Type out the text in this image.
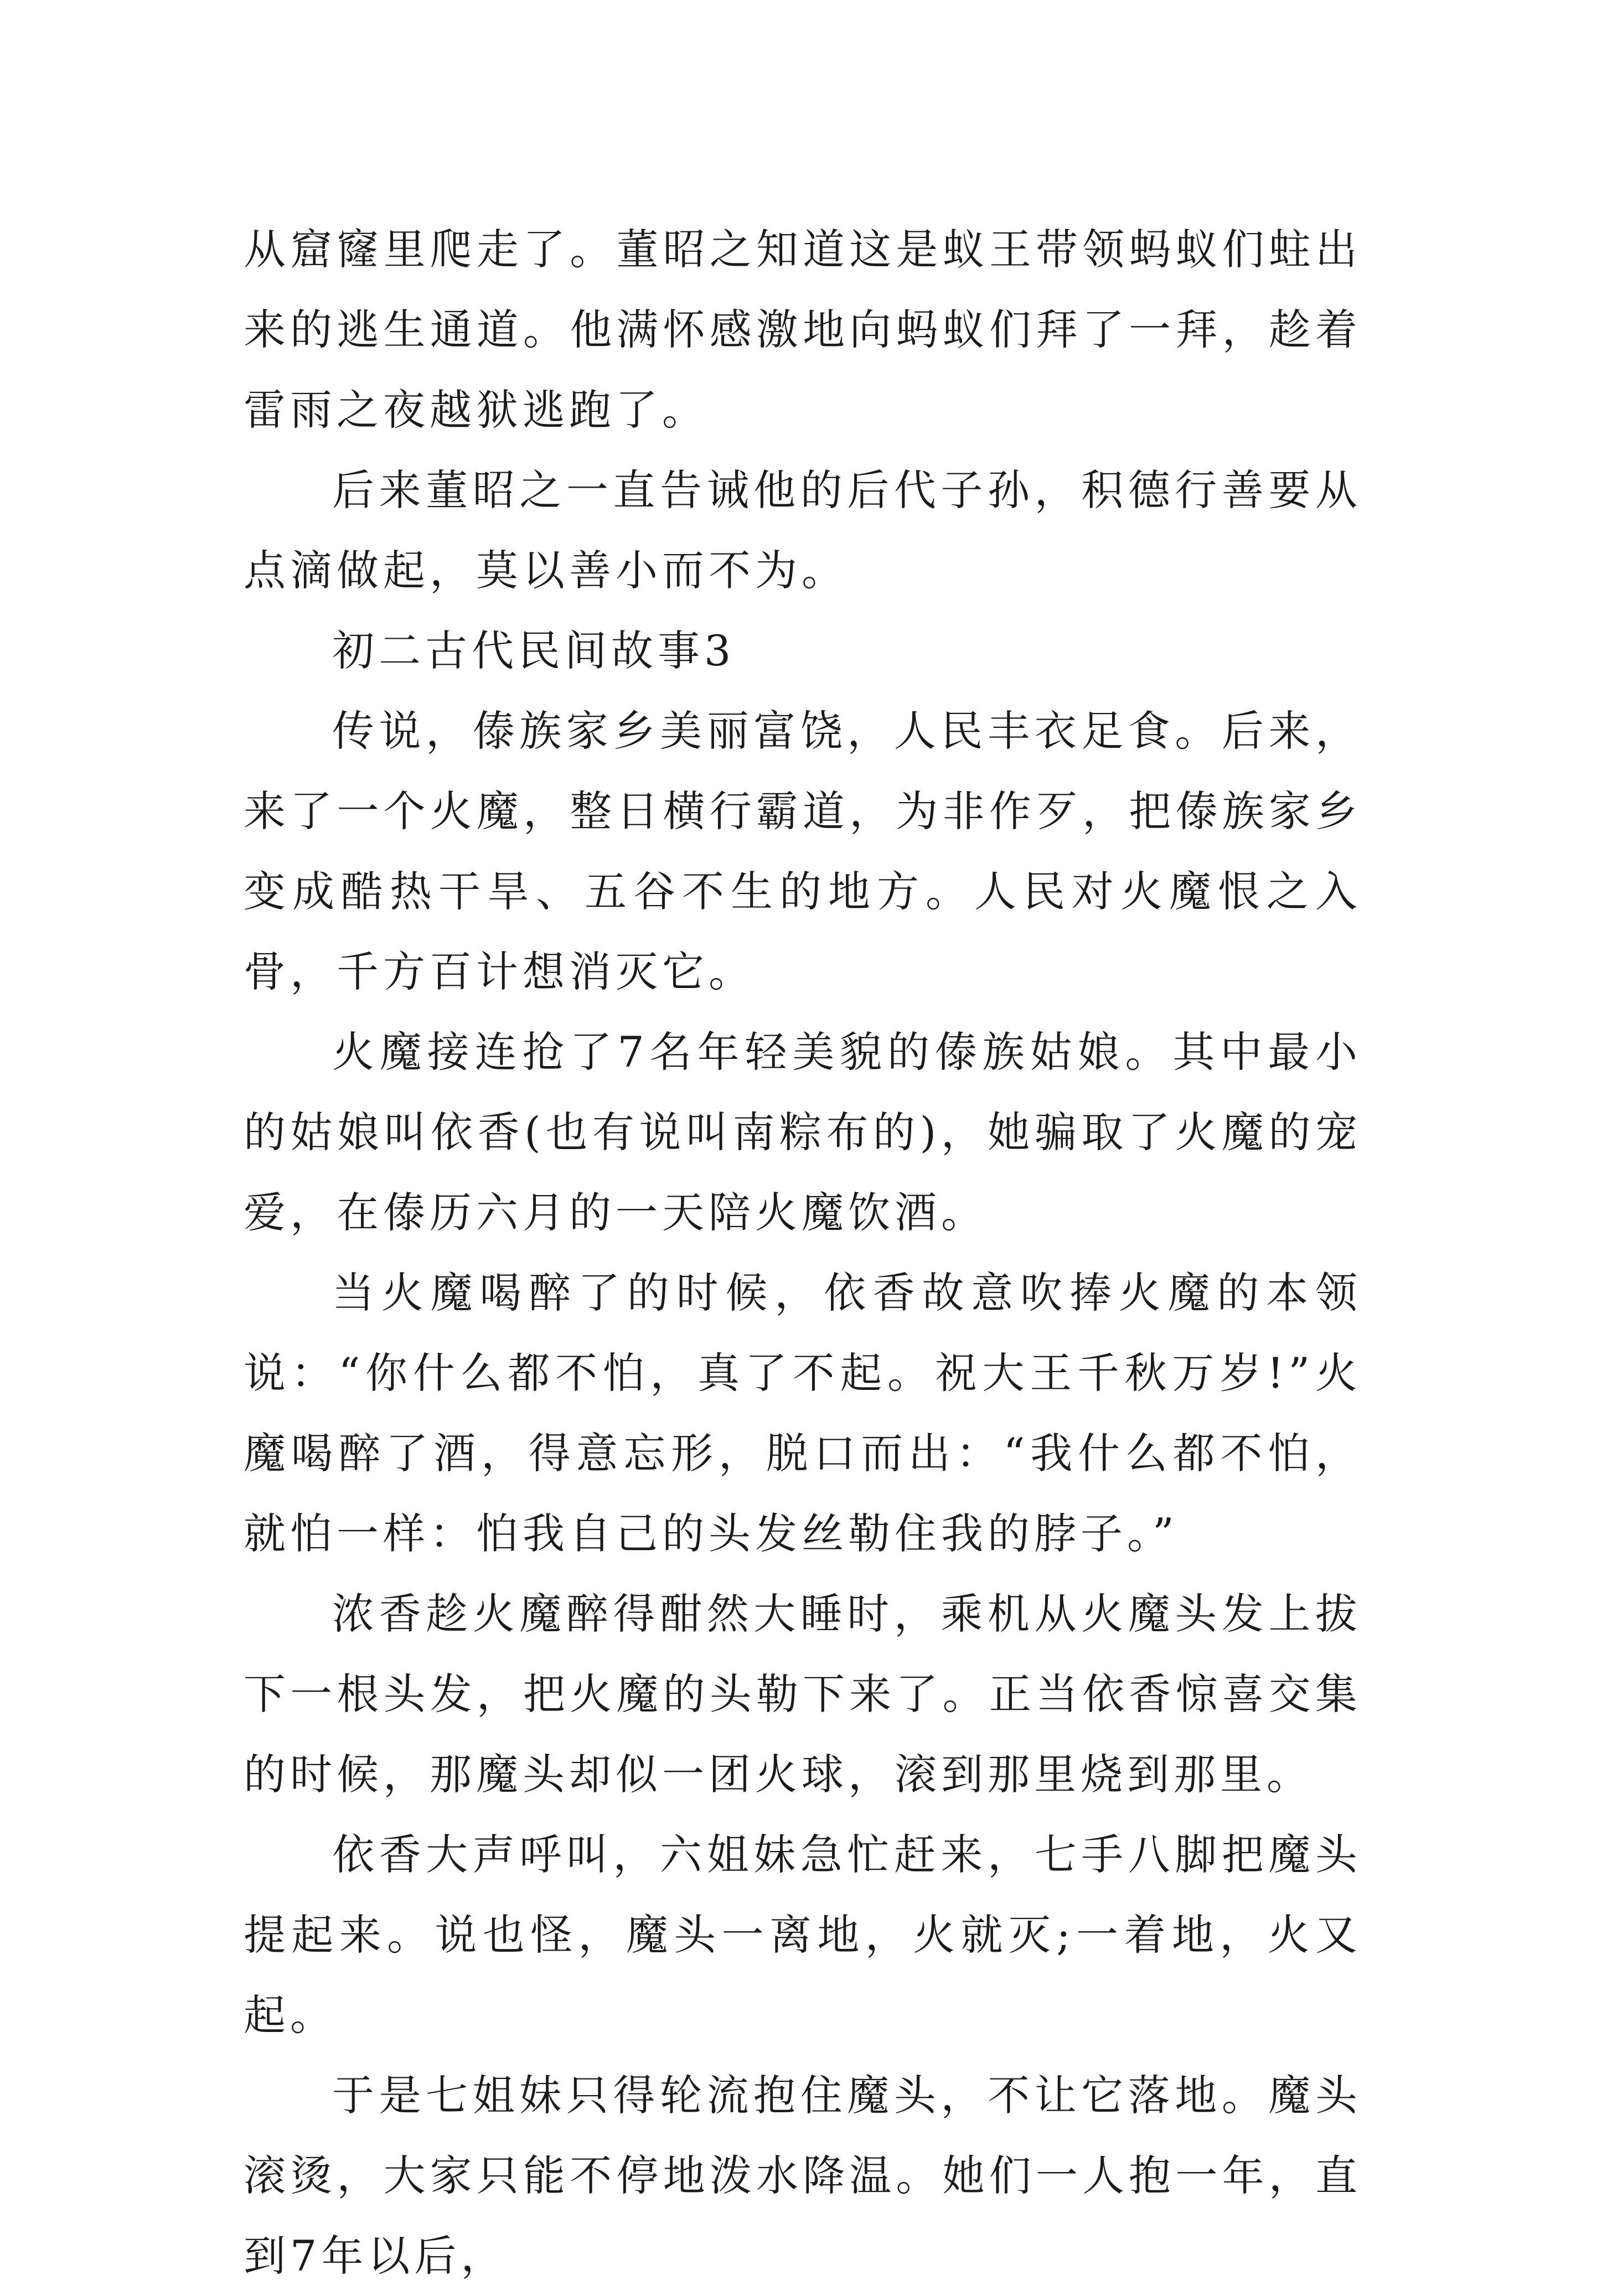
从窟窿里爬走了。董昭之知道这是蚁王带领蚂蚁们蛀出来的逃生通道。他满怀感激地向蚂蚁们拜了一拜，趁着雷雨之夜越狱逃跑了。

后来董昭之一直告诫他的后代子孙，积德行善要从点滴做起，莫以善小而不为。

初二古代民间故事3

传说，傣族家乡美丽富饶，人民丰衣足食。后来，来了一个火魔，整日横行霸道，为非作歹，把傣族家乡变成酷热干旱、五谷不生的地方。人民对火魔恨之入骨，千方百计想消灭它。

火魔接连抢了7名年轻美貌的傣族姑娘。其中最小的姑娘叫依香(也有说叫南粽布的)，她骗取了火魔的宠爱，在傣历六月的一天陪火魔饮酒。

当火魔喝醉了的时候，依香故意吹捧火魔的本领说：“你什么都不怕，真了不起。祝大王千秋万岁!”火魔喝醉了酒，得意忘形，脱口而出：“我什么都不怕，就怕一样：怕我自己的头发丝勒住我的脖子。”

浓香趁火魔醉得酣然大睡时，乘机从火魔头发上拔下一根头发，把火魔的头勒下来了。正当依香惊喜交集的时候，那魔头却似一团火球，滚到那里烧到那里。

依香大声呼叫，六姐妹急忙赶来，七手八脚把魔头提起来。说也怪，魔头一离地，火就灭;一着地，火又起。

于是七姐妹只得轮流抱住魔头，不让它落地。魔头滚烫，大家只能不停地泼水降温。她们一人抱一年，直到7年以后，
